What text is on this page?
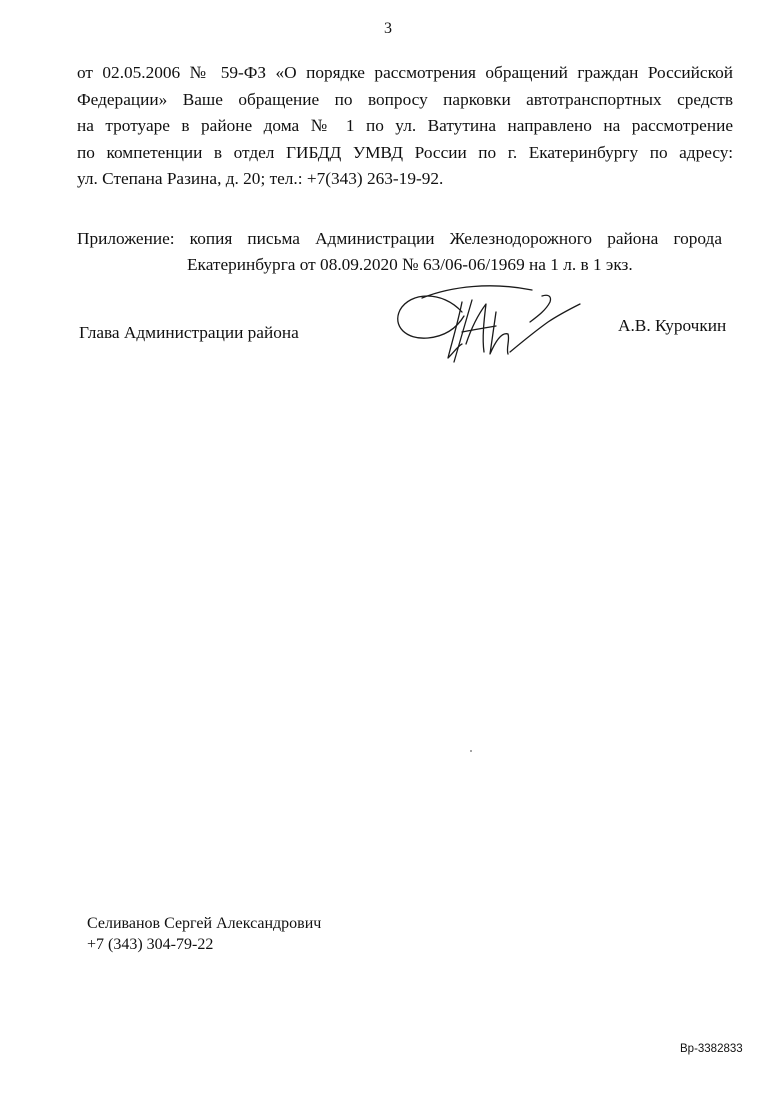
3
от 02.05.2006 № 59-ФЗ «О порядке рассмотрения обращений граждан Российской
Федерации» Ваше обращение по вопросу парковки автотранспортных средств
на тротуаре в районе дома № 1 по ул. Ватутина направлено на рассмотрение
по компетенции в отдел ГИБДД УМВД России по г. Екатеринбургу по адресу:
ул. Степана Разина, д. 20; тел.: +7(343) 263-19-92.
Приложение: копия письма Администрации Железнодорожного района города
Екатеринбурга от 08.09.2020 № 63/06-06/1969 на 1 л. в 1 экз.
Глава Администрации района	А.В. Курочкин
Селиванов Сергей Александрович
+7 (343) 304-79-22
Вр-3382833
